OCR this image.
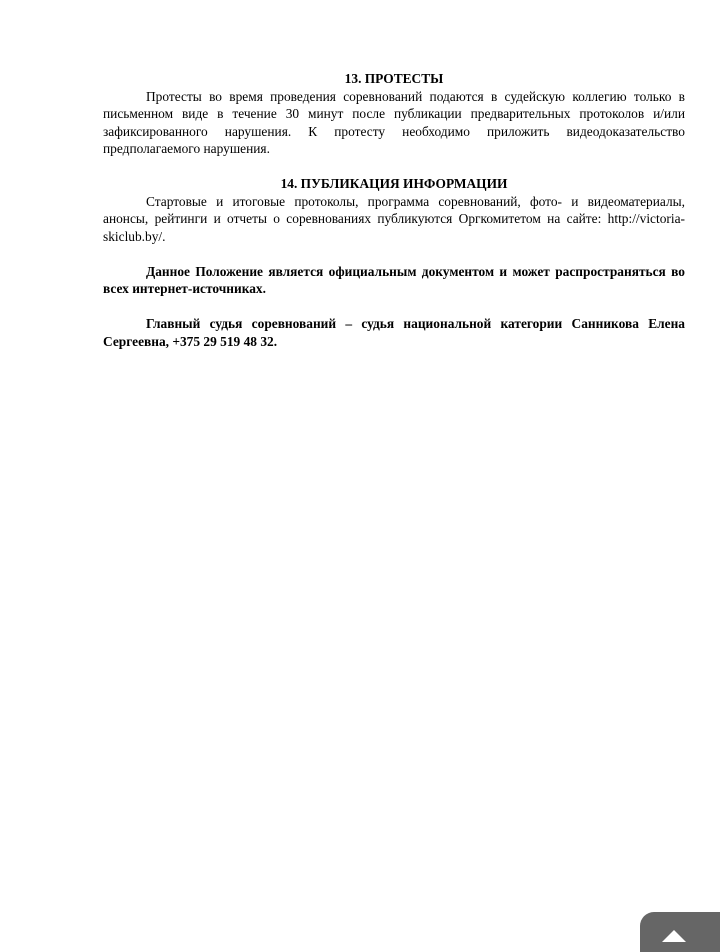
13. ПРОТЕСТЫ

Протесты во время проведения соревнований подаются в судейскую коллегию только в письменном виде в течение 30 минут после публикации предварительных протоколов и/или зафиксированного нарушения. К протесту необходимо приложить видеодоказательство предполагаемого нарушения.

14. ПУБЛИКАЦИЯ ИНФОРМАЦИИ

Стартовые и итоговые протоколы, программа соревнований, фото- и видеоматериалы, анонсы, рейтинги и отчеты о соревнованиях публикуются Оргкомитетом на сайте: http://victoria-skiclub.by/.

Данное Положение является официальным документом и может распространяться во всех интернет-источниках.

Главный судья соревнований – судья национальной категории Санникова Елена Сергеевна, +375 29 519 48 32.
